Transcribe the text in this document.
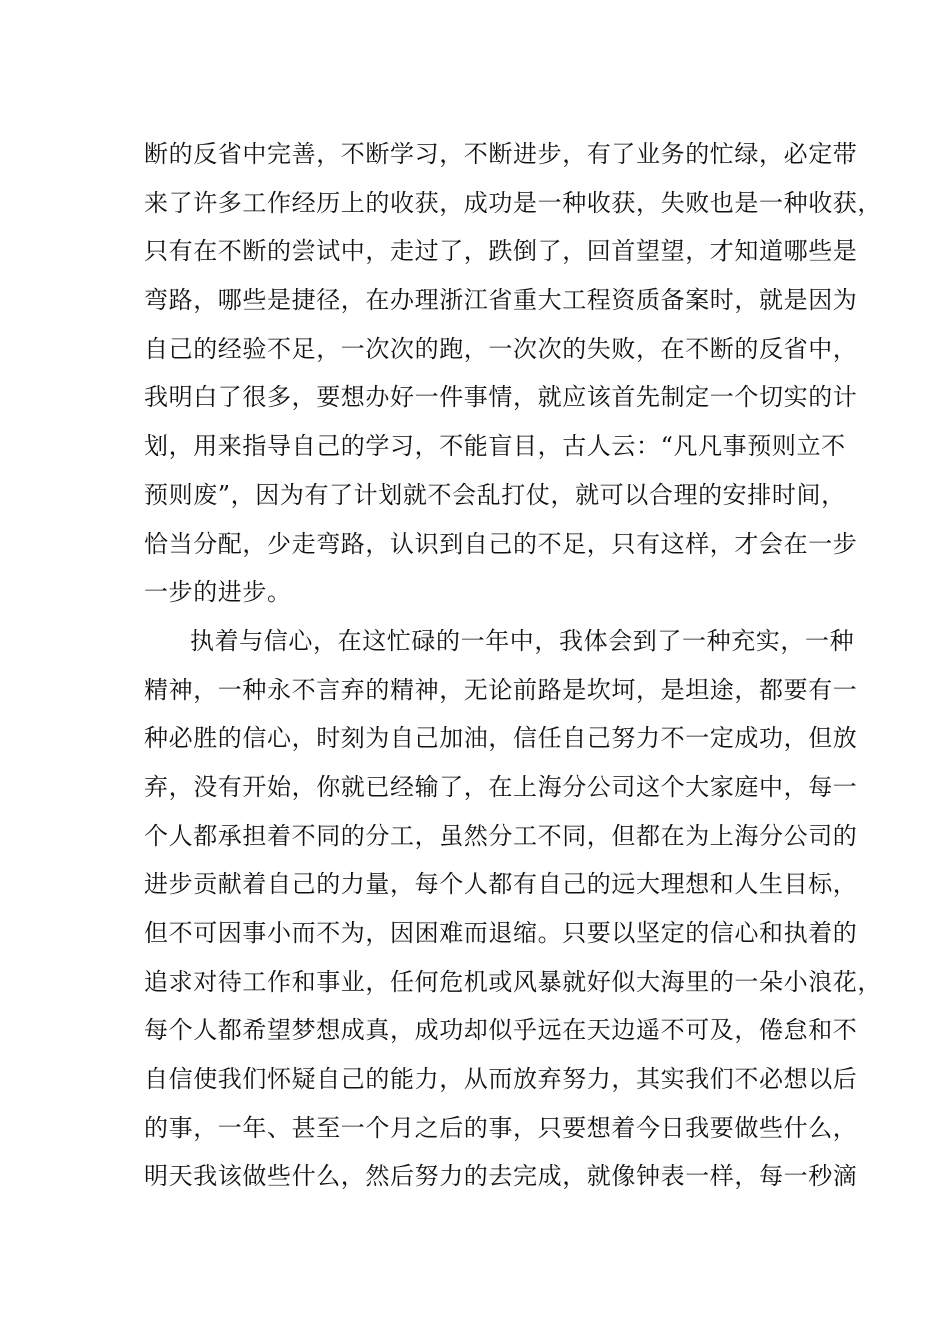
断的反省中完善，不断学习，不断进步，有了业务的忙绿，必定带
来了许多工作经历上的收获，成功是一种收获，失败也是一种收获，
只有在不断的尝试中，走过了，跌倒了，回首望望，才知道哪些是
弯路，哪些是捷径，在办理浙江省重大工程资质备案时，就是因为
自己的经验不足，一次次的跑，一次次的失败，在不断的反省中，
我明白了很多，要想办好一件事情，就应该首先制定一个切实的计
划，用来指导自己的学习，不能盲目，古人云：“凡凡事预则立不
预则废”，因为有了计划就不会乱打仗，就可以合理的安排时间，
恰当分配，少走弯路，认识到自己的不足，只有这样，才会在一步
一步的进步。
执着与信心，在这忙碌的一年中，我体会到了一种充实，一种
精神，一种永不言弃的精神，无论前路是坎坷，是坦途，都要有一
种必胜的信心，时刻为自己加油，信任自己努力不一定成功，但放
弃，没有开始，你就已经输了，在上海分公司这个大家庭中，每一
个人都承担着不同的分工，虽然分工不同，但都在为上海分公司的
进步贡献着自己的力量，每个人都有自己的远大理想和人生目标，
但不可因事小而不为，因困难而退缩。只要以坚定的信心和执着的
追求对待工作和事业，任何危机或风暴就好似大海里的一朵小浪花，
每个人都希望梦想成真，成功却似乎远在天边遥不可及，倦怠和不
自信使我们怀疑自己的能力，从而放弃努力，其实我们不必想以后
的事，一年、甚至一个月之后的事，只要想着今日我要做些什么，
明天我该做些什么，然后努力的去完成，就像钟表一样，每一秒滴
